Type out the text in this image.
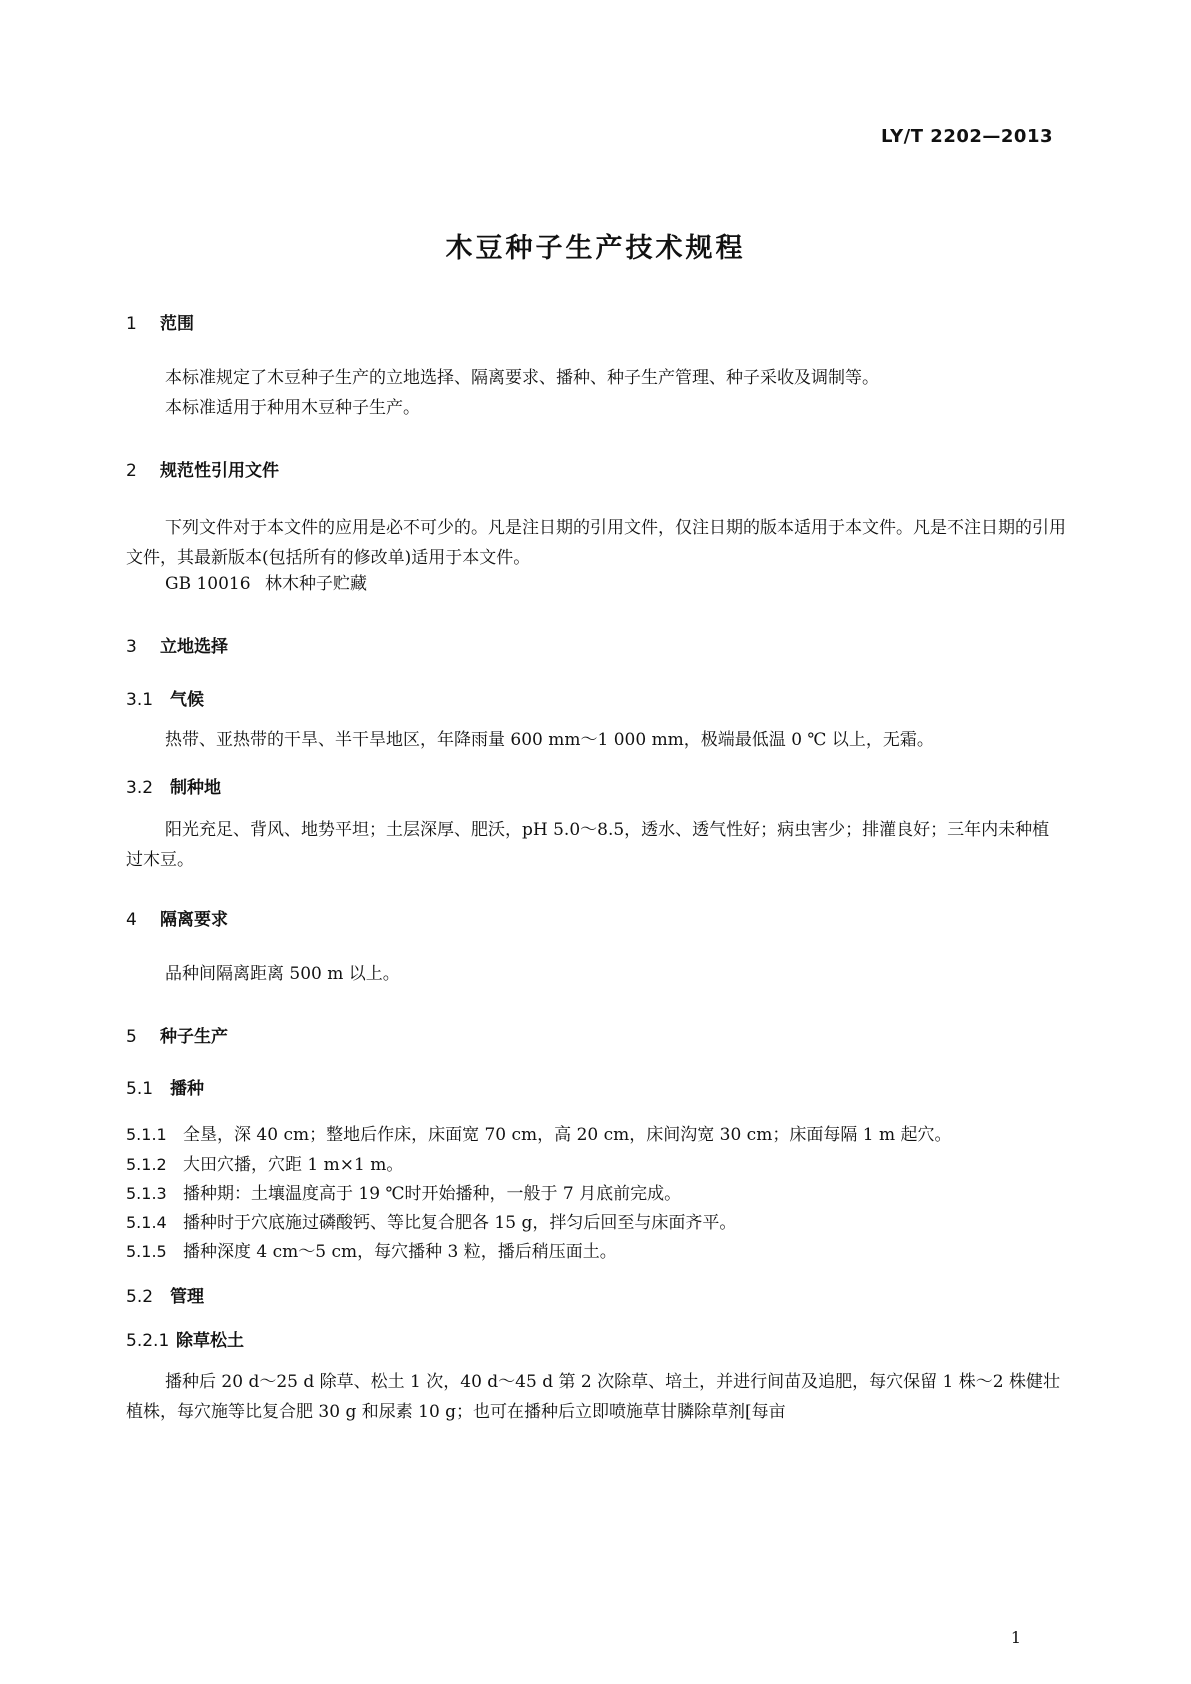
LY/T 2202—2013
木豆种子生产技术规程
1 范围
本标准规定了木豆种子生产的立地选择、隔离要求、播种、种子生产管理、种子采收及调制等。
本标准适用于种用木豆种子生产。
2 规范性引用文件
下列文件对于本文件的应用是必不可少的。凡是注日期的引用文件，仅注日期的版本适用于本文件。凡是不注日期的引用文件，其最新版本(包括所有的修改单)适用于本文件。
GB 10016 林木种子贮藏
3 立地选择
3.1 气候
热带、亚热带的干旱、半干旱地区，年降雨量 600 mm～1 000 mm，极端最低温 0 ℃ 以上，无霜。
3.2 制种地
阳光充足、背风、地势平坦；土层深厚、肥沃，pH 5.0～8.5，透水、透气性好；病虫害少；排灌良好；三年内未种植过木豆。
4 隔离要求
品种间隔离距离 500 m 以上。
5 种子生产
5.1 播种
5.1.1 全垦，深 40 cm；整地后作床，床面宽 70 cm，高 20 cm，床间沟宽 30 cm；床面每隔 1 m 起穴。
5.1.2 大田穴播，穴距 1 m×1 m。
5.1.3 播种期：土壤温度高于 19 ℃时开始播种，一般于 7 月底前完成。
5.1.4 播种时于穴底施过磷酸钙、等比复合肥各 15 g，拌匀后回至与床面齐平。
5.1.5 播种深度 4 cm～5 cm，每穴播种 3 粒，播后稍压面土。
5.2 管理
5.2.1 除草松土
播种后 20 d～25 d 除草、松土 1 次，40 d～45 d 第 2 次除草、培土，并进行间苗及追肥，每穴保留 1 株～2 株健壮植株，每穴施等比复合肥 30 g 和尿素 10 g；也可在播种后立即喷施草甘膦除草剂[每亩
1
